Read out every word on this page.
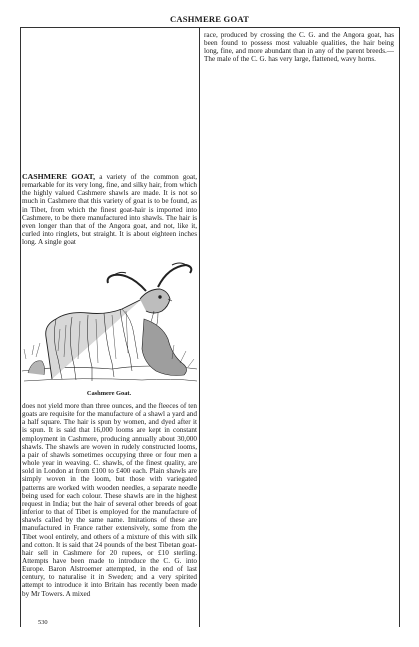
CASHMERE GOAT

race, produced by crossing the C. G. and the Angora goat, has been found to possess most valuable qualities, the hair being long, fine, and more abundant than in any of the parent breeds.—The male of the C. G. has very large, flattened, wavy horns.

CASHMERE GOAT, a variety of the common goat, remarkable for its very long, fine, and silky hair, from which the highly valued Cashmere shawls are made. It is not so much in Cashmere that this variety of goat is to be found, as in Tibet, from which the finest goat-hair is imported into Cashmere, to be there manufactured into shawls. The hair is even longer than that of the Angora goat, and not, like it, curled into ringlets, but straight. It is about eighteen inches long. A single goat

Cashmere Goat.

does not yield more than three ounces, and the fleeces of ten goats are requisite for the manufacture of a shawl a yard and a half square. The hair is spun by women, and dyed after it is spun. It is said that 16,000 looms are kept in constant employment in Cashmere, producing annually about 30,000 shawls. The shawls are woven in rudely constructed looms, a pair of shawls sometimes occupying three or four men a whole year in weaving. C. shawls, of the finest quality, are sold in London at from £100 to £400 each. Plain shawls are simply woven in the loom, but those with variegated patterns are worked with wooden needles, a separate needle being used for each colour. These shawls are in the highest request in India; but the hair of several other breeds of goat inferior to that of Tibet is employed for the manufacture of shawls called by the same name. Imitations of these are manufactured in France rather extensively, some from the Tibet wool entirely, and others of a mixture of this with silk and cotton. It is said that 24 pounds of the best Tibetan goat-hair sell in Cashmere for 20 rupees, or £10 sterling. Attempts have been made to introduce the C. G. into Europe. Baron Alstroemer attempted, in the end of last century, to naturalise it in Sweden; and a very spirited attempt to introduce it into Britain has recently been made by Mr Towers. A mixed

530
